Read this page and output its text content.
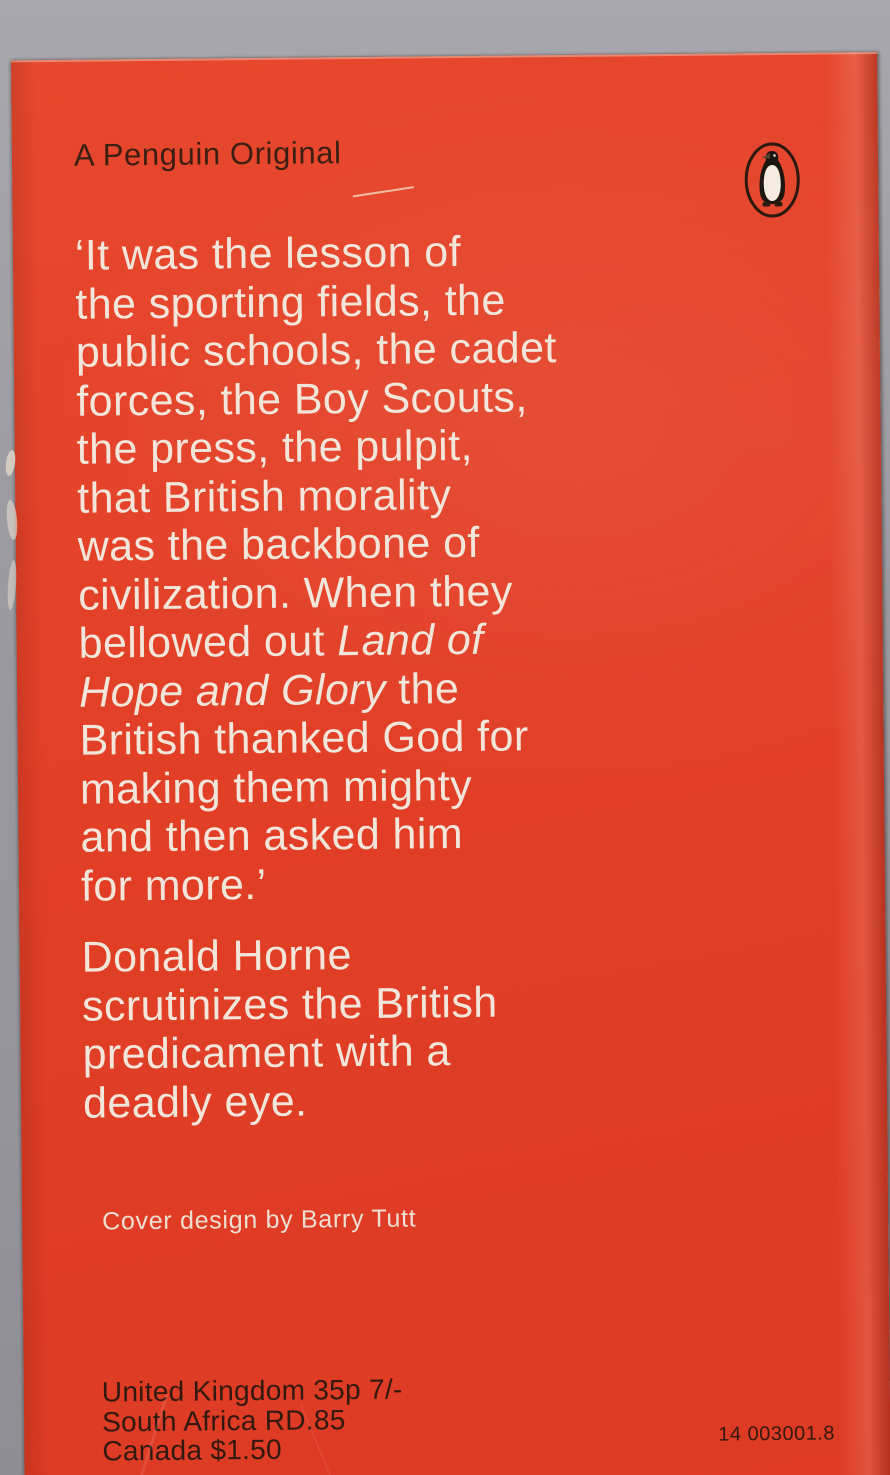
A Penguin Original
‘It was the lesson of
the sporting fields, the
public schools, the cadet
forces, the Boy Scouts,
the press, the pulpit,
that British morality
was the backbone of
civilization. When they
bellowed out Land of
Hope and Glory the
British thanked God for
making them mighty
and then asked him
for more.’
Donald Horne
scrutinizes the British
predicament with a
deadly eye.
Cover design by Barry Tutt
United Kingdom 35p 7/-
South Africa RD.85
Canada $1.50	14 003001.8
